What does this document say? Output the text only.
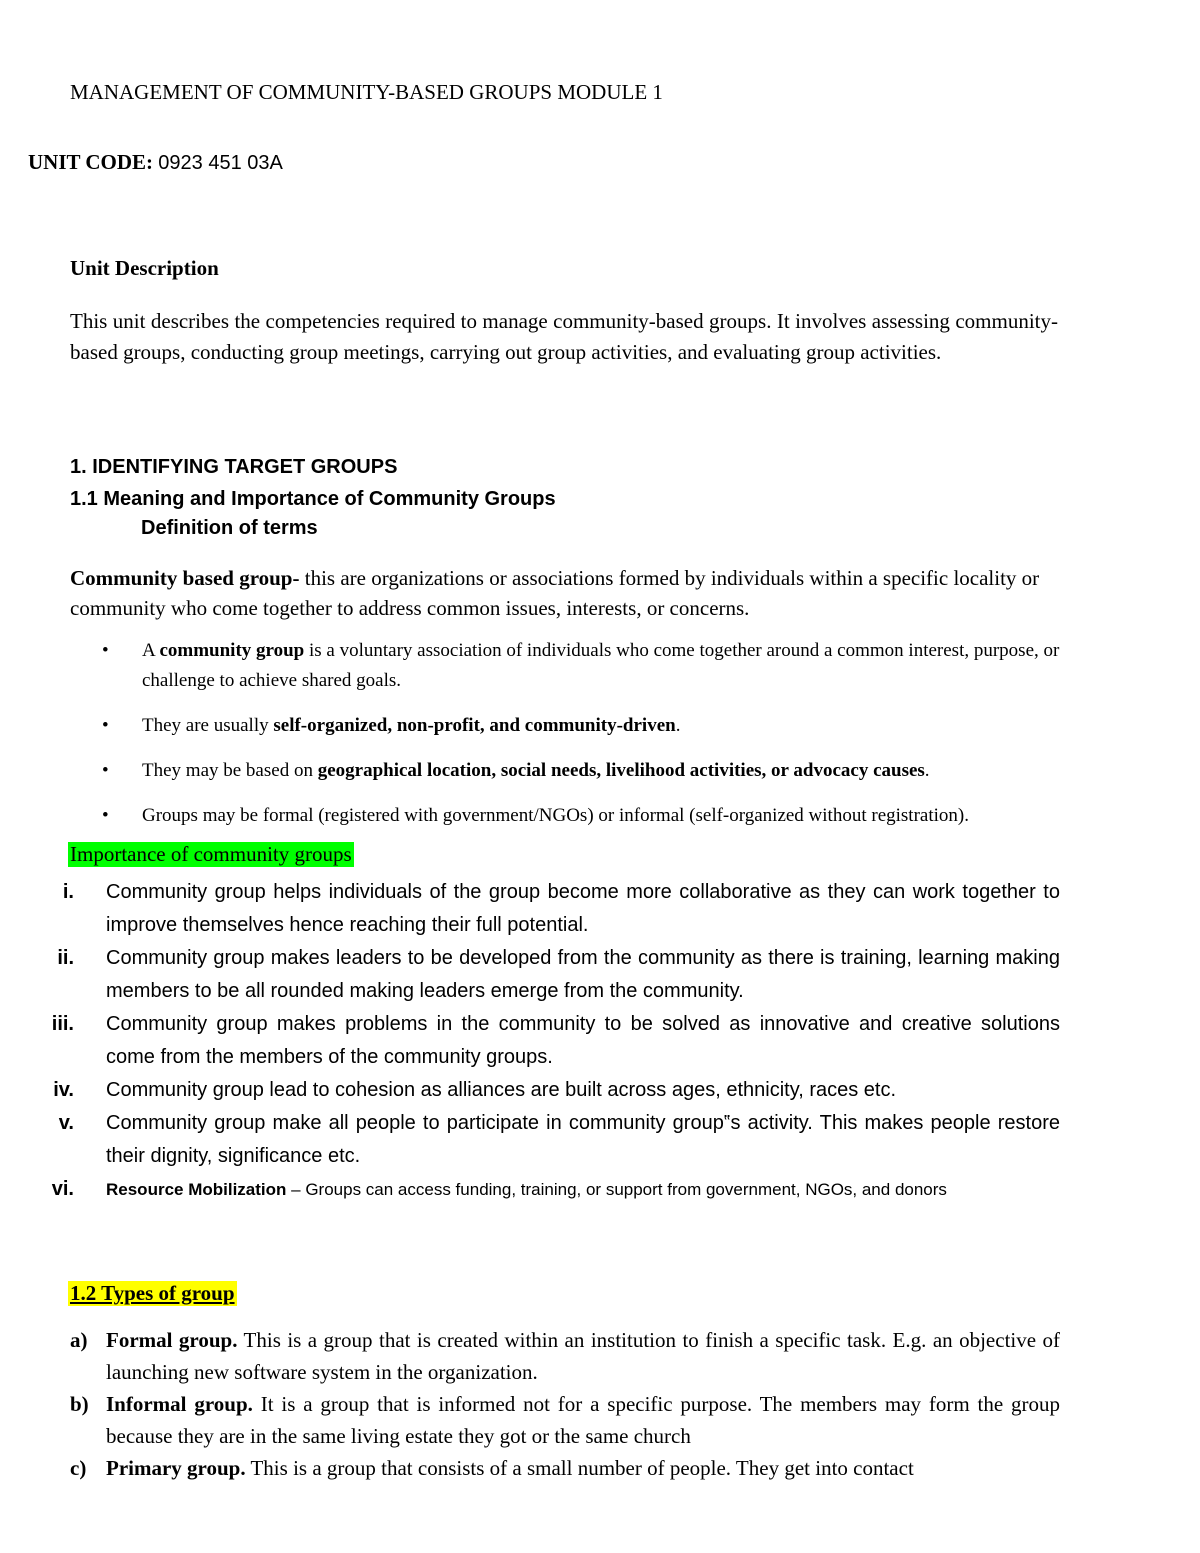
MANAGEMENT OF COMMUNITY-BASED GROUPS MODULE 1
UNIT CODE: 0923 451 03A
Unit Description
This unit describes the competencies required to manage community-based groups. It involves assessing community-based groups, conducting group meetings, carrying out group activities, and evaluating group activities.
1. IDENTIFYING TARGET GROUPS
1.1 Meaning and Importance of Community Groups
Definition of terms
Community based group- this are organizations or associations formed by individuals within a specific locality or community who come together to address common issues, interests, or concerns.
• A community group is a voluntary association of individuals who come together around a common interest, purpose, or challenge to achieve shared goals.
• They are usually self-organized, non-profit, and community-driven.
• They may be based on geographical location, social needs, livelihood activities, or advocacy causes.
• Groups may be formal (registered with government/NGOs) or informal (self-organized without registration).
Importance of community groups
i. Community group helps individuals of the group become more collaborative as they can work together to improve themselves hence reaching their full potential.
ii. Community group makes leaders to be developed from the community as there is training, learning making members to be all rounded making leaders emerge from the community.
iii. Community group makes problems in the community to be solved as innovative and creative solutions come from the members of the community groups.
iv. Community group lead to cohesion as alliances are built across ages, ethnicity, races etc.
v. Community group make all people to participate in community group‟s activity. This makes people restore their dignity, significance etc.
vi. Resource Mobilization – Groups can access funding, training, or support from government, NGOs, and donors
1.2 Types of group
a) Formal group. This is a group that is created within an institution to finish a specific task. E.g. an objective of launching new software system in the organization.
b) Informal group. It is a group that is informed not for a specific purpose. The members may form the group because they are in the same living estate they got or the same church
c) Primary group. This is a group that consists of a small number of people. They get into contact
